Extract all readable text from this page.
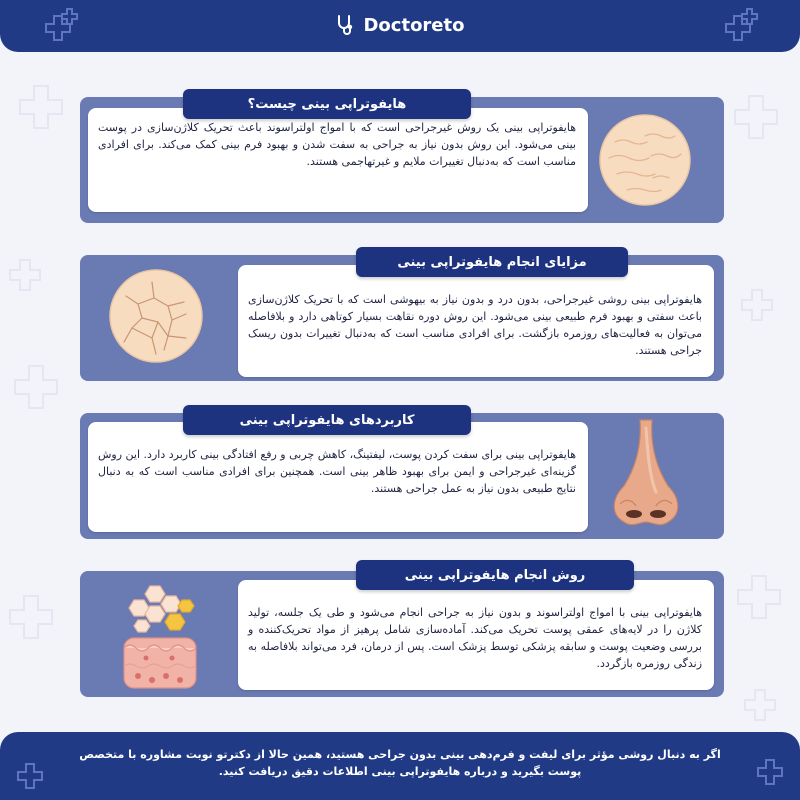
Doctoreto

هایفوتراپی بینی یک روش غیرجراحی است که با امواج اولتراسوند باعث تحریک کلاژن‌سازی در پوست بینی می‌شود. این روش بدون نیاز به جراحی به سفت شدن و بهبود فرم بینی کمک می‌کند. برای افرادی مناسب است که به‌دنبال تغییرات ملایم و غیرتهاجمی هستند.

هایفوتراپی بینی چیست؟

هایفوتراپی بینی روشی غیرجراحی، بدون درد و بدون نیاز به بیهوشی است که با تحریک کلاژن‌سازی باعث سفتی و بهبود فرم طبیعی بینی می‌شود. این روش دوره نقاهت بسیار کوتاهی دارد و بلافاصله می‌توان به فعالیت‌های روزمره بازگشت. برای افرادی مناسب است که به‌دنبال تغییرات بدون ریسک جراحی هستند.

مزایای انجام هایفوتراپی بینی

هایفوتراپی بینی برای سفت کردن پوست، لیفتینگ، کاهش چربی و رفع افتادگی بینی کاربرد دارد. این روش گزینه‌ای غیرجراحی و ایمن برای بهبود ظاهر بینی است. همچنین برای افرادی مناسب است که به دنبال نتایج طبیعی بدون نیاز به عمل جراحی هستند.

کاربردهای هایفوتراپی بینی

هایفوتراپی بینی با امواج اولتراسوند و بدون نیاز به جراحی انجام می‌شود و طی یک جلسه، تولید کلاژن را در لایه‌های عمقی پوست تحریک می‌کند. آماده‌سازی شامل پرهیز از مواد تحریک‌کننده و بررسی وضعیت پوست و سابقه پزشکی توسط پزشک است. پس از درمان، فرد می‌تواند بلافاصله به زندگی روزمره بازگردد.

روش انجام هایفوتراپی بینی

اگر به دنبال روشی مؤثر برای لیفت و فرم‌دهی بینی بدون جراحی هستید، همین حالا از دکترتو نوبت مشاوره با متخصص پوست بگیرید و درباره هایفوتراپی بینی اطلاعات دقیق دریافت کنید.
